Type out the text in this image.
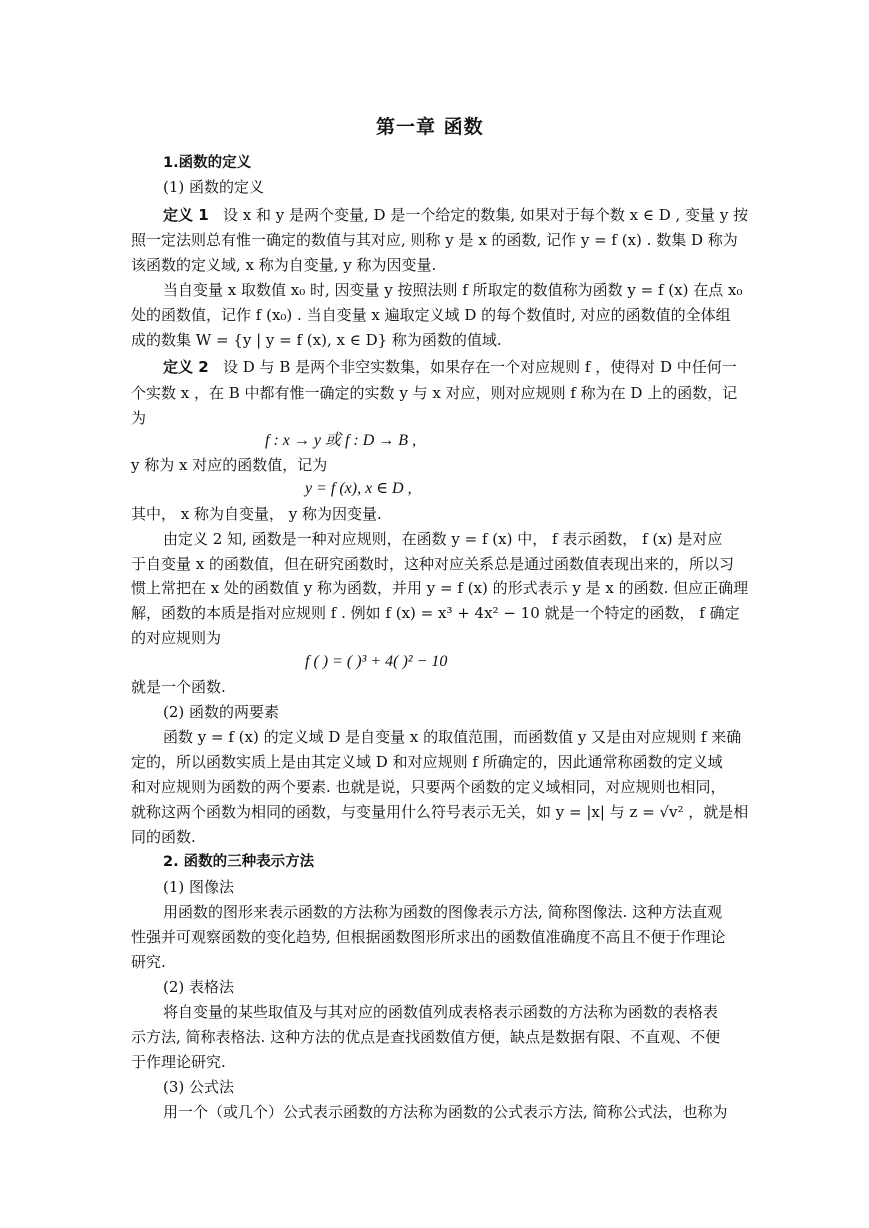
第一章 函数
1.函数的定义
(1) 函数的定义
定义 1 设 x 和 y 是两个变量, D 是一个给定的数集, 如果对于每个数 x ∈ D , 变量 y 按
照一定法则总有惟一确定的数值与其对应, 则称 y 是 x 的函数, 记作 y = f (x) . 数集 D 称为
该函数的定义域, x 称为自变量, y 称为因变量.
当自变量 x 取数值 x₀ 时, 因变量 y 按照法则 f 所取定的数值称为函数 y = f (x) 在点 x₀
处的函数值，记作 f (x₀) . 当自变量 x 遍取定义域 D 的每个数值时, 对应的函数值的全体组
成的数集 W = {y | y = f (x), x ∈ D} 称为函数的值域.
定义 2 设 D 与 B 是两个非空实数集，如果存在一个对应规则 f ，使得对 D 中任何一
个实数 x ，在 B 中都有惟一确定的实数 y 与 x 对应，则对应规则 f 称为在 D 上的函数，记
为
f : x → y 或 f : D → B ,
y 称为 x 对应的函数值，记为
y = f (x), x ∈ D ,
其中， x 称为自变量， y 称为因变量.
由定义 2 知, 函数是一种对应规则，在函数 y = f (x) 中， f 表示函数， f (x) 是对应
于自变量 x 的函数值，但在研究函数时，这种对应关系总是通过函数值表现出来的，所以习
惯上常把在 x 处的函数值 y 称为函数，并用 y = f (x) 的形式表示 y 是 x 的函数. 但应正确理
解，函数的本质是指对应规则 f . 例如 f (x) = x³ + 4x² − 10 就是一个特定的函数， f 确定
的对应规则为
f ( ) = ( )³ + 4( )² − 10
就是一个函数.
(2) 函数的两要素
函数 y = f (x) 的定义域 D 是自变量 x 的取值范围，而函数值 y 又是由对应规则 f 来确
定的，所以函数实质上是由其定义域 D 和对应规则 f 所确定的，因此通常称函数的定义域
和对应规则为函数的两个要素. 也就是说，只要两个函数的定义域相同，对应规则也相同，
就称这两个函数为相同的函数，与变量用什么符号表示无关，如 y = |x| 与 z = √v² ，就是相
同的函数.
2. 函数的三种表示方法
(1) 图像法
用函数的图形来表示函数的方法称为函数的图像表示方法, 简称图像法. 这种方法直观
性强并可观察函数的变化趋势, 但根据函数图形所求出的函数值准确度不高且不便于作理论
研究.
(2) 表格法
将自变量的某些取值及与其对应的函数值列成表格表示函数的方法称为函数的表格表
示方法, 简称表格法. 这种方法的优点是查找函数值方便，缺点是数据有限、不直观、不便
于作理论研究.
(3) 公式法
用一个（或几个）公式表示函数的方法称为函数的公式表示方法, 简称公式法，也称为
